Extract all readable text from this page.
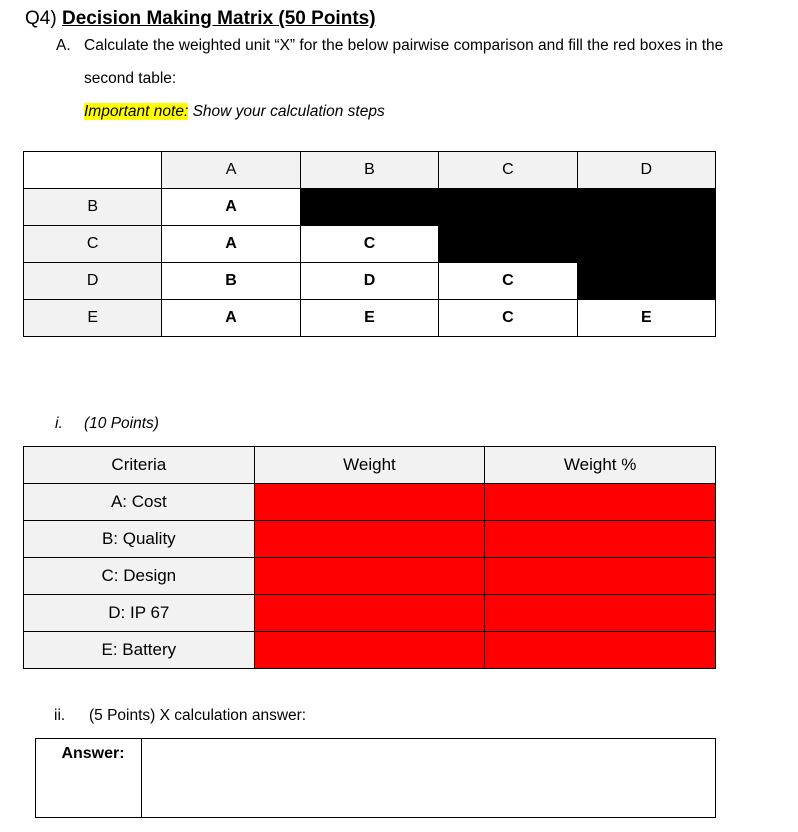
Q4) Decision Making Matrix (50 Points)
A. Calculate the weighted unit “X” for the below pairwise comparison and fill the red boxes in the
second table:
Important note: Show your calculation steps
	A	B	C	D
B	A			
C	A	C		
D	B	D	C	
E	A	E	C	E
i. (10 Points)
Criteria	Weight	Weight %
A: Cost		
B: Quality		
C: Design		
D: IP 67		
E: Battery		
ii. (5 Points) X calculation answer:
Answer:	
